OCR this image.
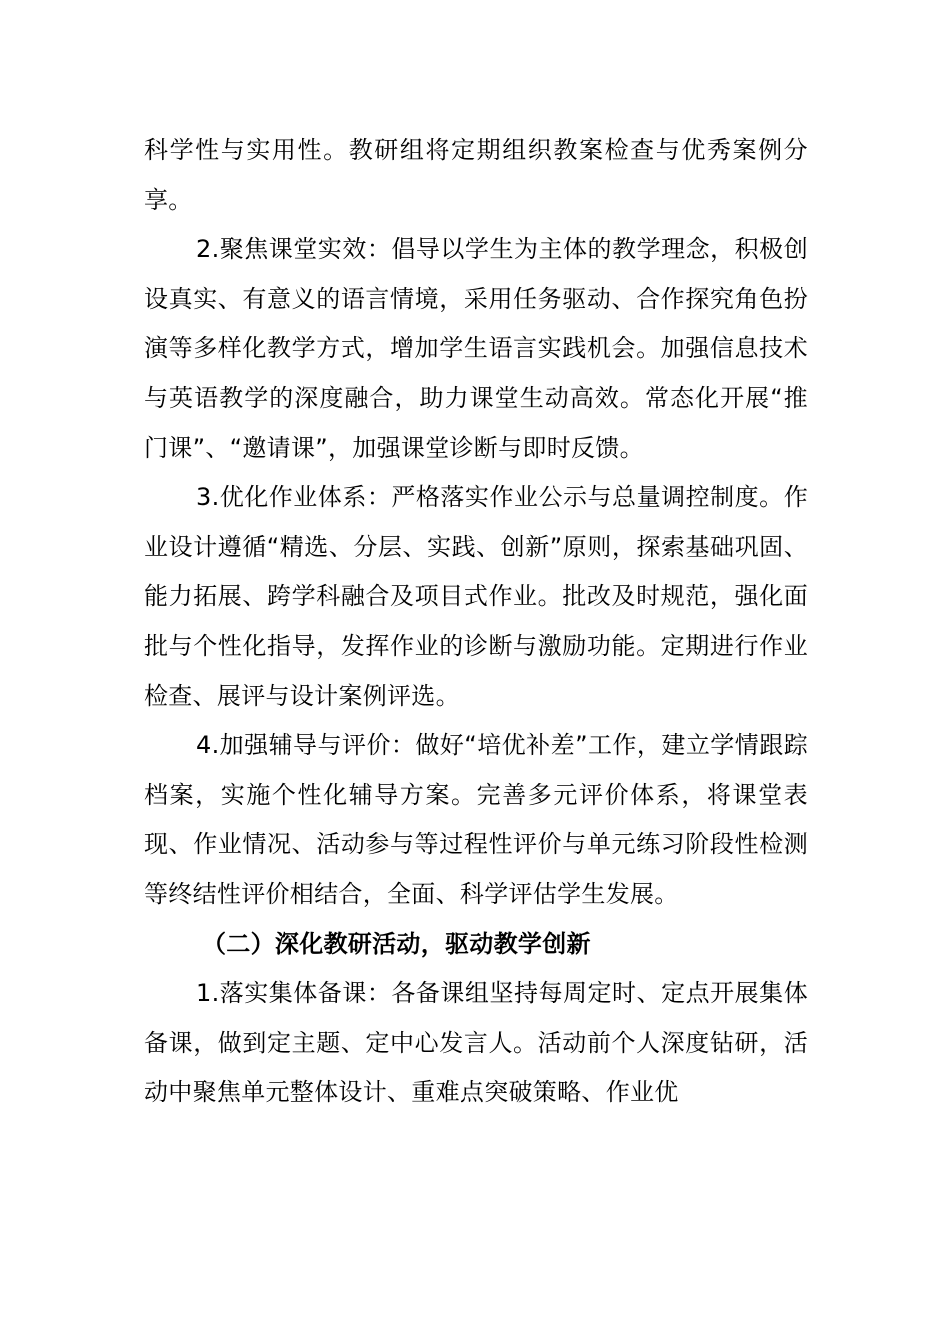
科学性与实用性。教研组将定期组织教案检查与优秀案例分享。

2.聚焦课堂实效：倡导以学生为主体的教学理念，积极创设真实、有意义的语言情境，采用任务驱动、合作探究角色扮演等多样化教学方式，增加学生语言实践机会。加强信息技术与英语教学的深度融合，助力课堂生动高效。常态化开展“推门课”、“邀请课”，加强课堂诊断与即时反馈。

3.优化作业体系：严格落实作业公示与总量调控制度。作业设计遵循“精选、分层、实践、创新”原则，探索基础巩固、能力拓展、跨学科融合及项目式作业。批改及时规范，强化面批与个性化指导，发挥作业的诊断与激励功能。定期进行作业检查、展评与设计案例评选。

4.加强辅导与评价：做好“培优补差”工作，建立学情跟踪档案，实施个性化辅导方案。完善多元评价体系，将课堂表现、作业情况、活动参与等过程性评价与单元练习阶段性检测等终结性评价相结合，全面、科学评估学生发展。

（二）深化教研活动，驱动教学创新

1.落实集体备课：各备课组坚持每周定时、定点开展集体备课，做到定主题、定中心发言人。活动前个人深度钻研，活动中聚焦单元整体设计、重难点突破策略、作业优
